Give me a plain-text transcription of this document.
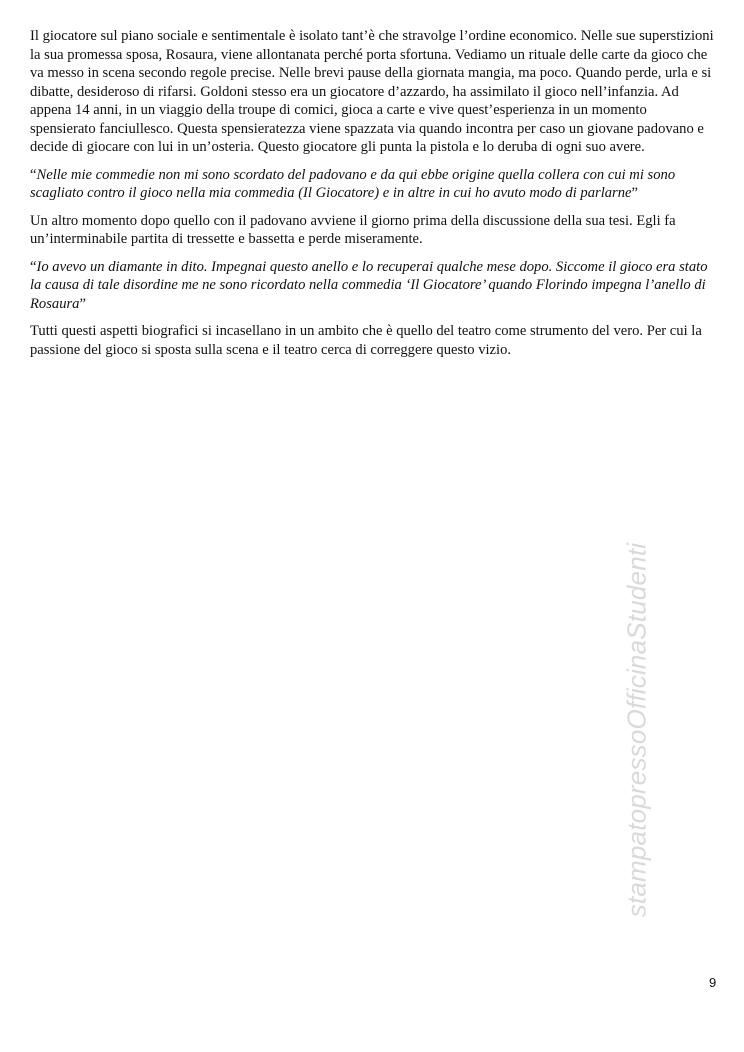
Il giocatore sul piano sociale e sentimentale è isolato tant’è che stravolge l’ordine economico. Nelle sue superstizioni la sua promessa sposa, Rosaura, viene allontanata perché porta sfortuna. Vediamo un rituale delle carte da gioco che va messo in scena secondo regole precise. Nelle brevi pause della giornata mangia, ma poco. Quando perde, urla e si dibatte, desideroso di rifarsi. Goldoni stesso era un giocatore d’azzardo, ha assimilato il gioco nell’infanzia. Ad appena 14 anni, in un viaggio della troupe di comici, gioca a carte e vive quest’esperienza in un momento spensierato fanciullesco. Questa spensieratezza viene spazzata via quando incontra per caso un giovane padovano e decide di giocare con lui in un’osteria. Questo giocatore gli punta la pistola e lo deruba di ogni suo avere.

“Nelle mie commedie non mi sono scordato del padovano e da qui ebbe origine quella collera con cui mi sono scagliato contro il gioco nella mia commedia (Il Giocatore) e in altre in cui ho avuto modo di parlarne”

Un altro momento dopo quello con il padovano avviene il giorno prima della discussione della sua tesi. Egli fa un’interminabile partita di tressette e bassetta e perde miseramente.

“Io avevo un diamante in dito. Impegnai questo anello e lo recuperai qualche mese dopo. Siccome il gioco era stato la causa di tale disordine me ne sono ricordato nella commedia ‘Il Giocatore’ quando Florindo impegna l’anello di Rosaura”

Tutti questi aspetti biografici si incasellano in un ambito che è quello del teatro come strumento del vero. Per cui la passione del gioco si sposta sulla scena e il teatro cerca di correggere questo vizio.

stampatopressoOfficinaStudenti
9
